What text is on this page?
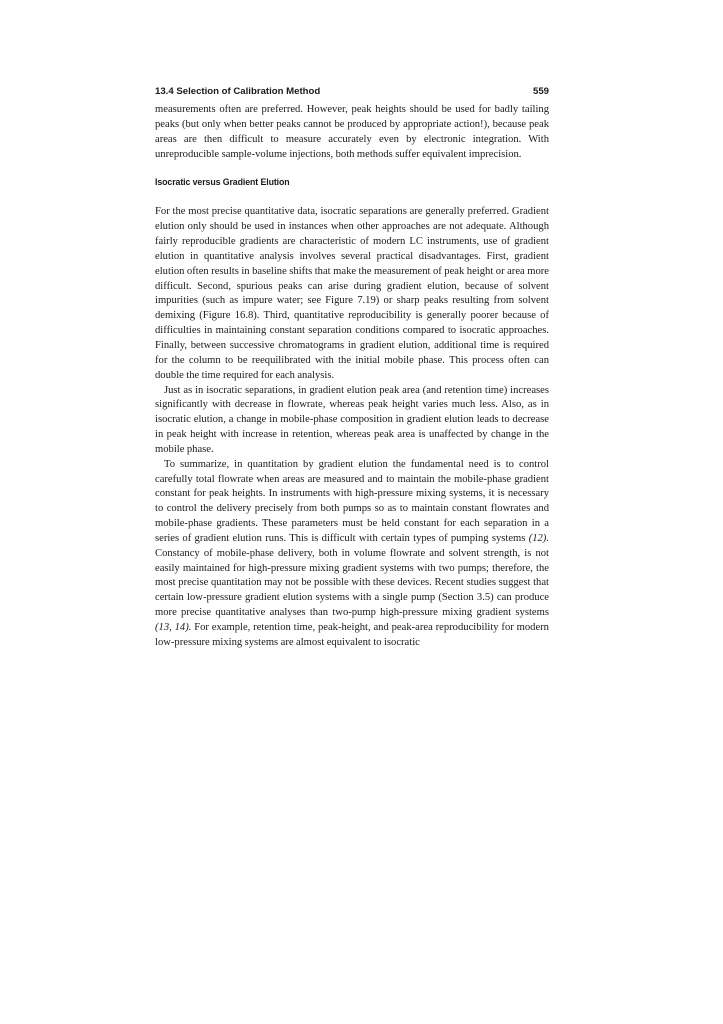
13.4 Selection of Calibration Method	559

measurements often are preferred. However, peak heights should be used for badly tailing peaks (but only when better peaks cannot be produced by appropriate action!), because peak areas are then difficult to measure accurately even by electronic integration. With unreproducible sample-volume injections, both methods suffer equivalent imprecision.

Isocratic versus Gradient Elution

For the most precise quantitative data, isocratic separations are generally preferred. Gradient elution only should be used in instances when other approaches are not adequate. Although fairly reproducible gradients are characteristic of modern LC instruments, use of gradient elution in quantitative analysis involves several practical disadvantages. First, gradient elution often results in baseline shifts that make the measurement of peak height or area more difficult. Second, spurious peaks can arise during gradient elution, because of solvent impurities (such as impure water; see Figure 7.19) or sharp peaks resulting from solvent demixing (Figure 16.8). Third, quantitative reproducibility is generally poorer because of difficulties in maintaining constant separation conditions compared to isocratic approaches. Finally, between successive chromatograms in gradient elution, additional time is required for the column to be reequilibrated with the initial mobile phase. This process often can double the time required for each analysis.

Just as in isocratic separations, in gradient elution peak area (and retention time) increases significantly with decrease in flowrate, whereas peak height varies much less. Also, as in isocratic elution, a change in mobile-phase composition in gradient elution leads to decrease in peak height with increase in retention, whereas peak area is unaffected by change in the mobile phase.

To summarize, in quantitation by gradient elution the fundamental need is to control carefully total flowrate when areas are measured and to maintain the mobile-phase gradient constant for peak heights. In instruments with high-pressure mixing systems, it is necessary to control the delivery precisely from both pumps so as to maintain constant flowrates and mobile-phase gradients. These parameters must be held constant for each separation in a series of gradient elution runs. This is difficult with certain types of pumping systems (12). Constancy of mobile-phase delivery, both in volume flowrate and solvent strength, is not easily maintained for high-pressure mixing gradient systems with two pumps; therefore, the most precise quantitation may not be possible with these devices. Recent studies suggest that certain low-pressure gradient elution systems with a single pump (Section 3.5) can produce more precise quantitative analyses than two-pump high-pressure mixing gradient systems (13, 14). For example, retention time, peak-height, and peak-area reproducibility for modern low-pressure mixing systems are almost equivalent to isocratic
